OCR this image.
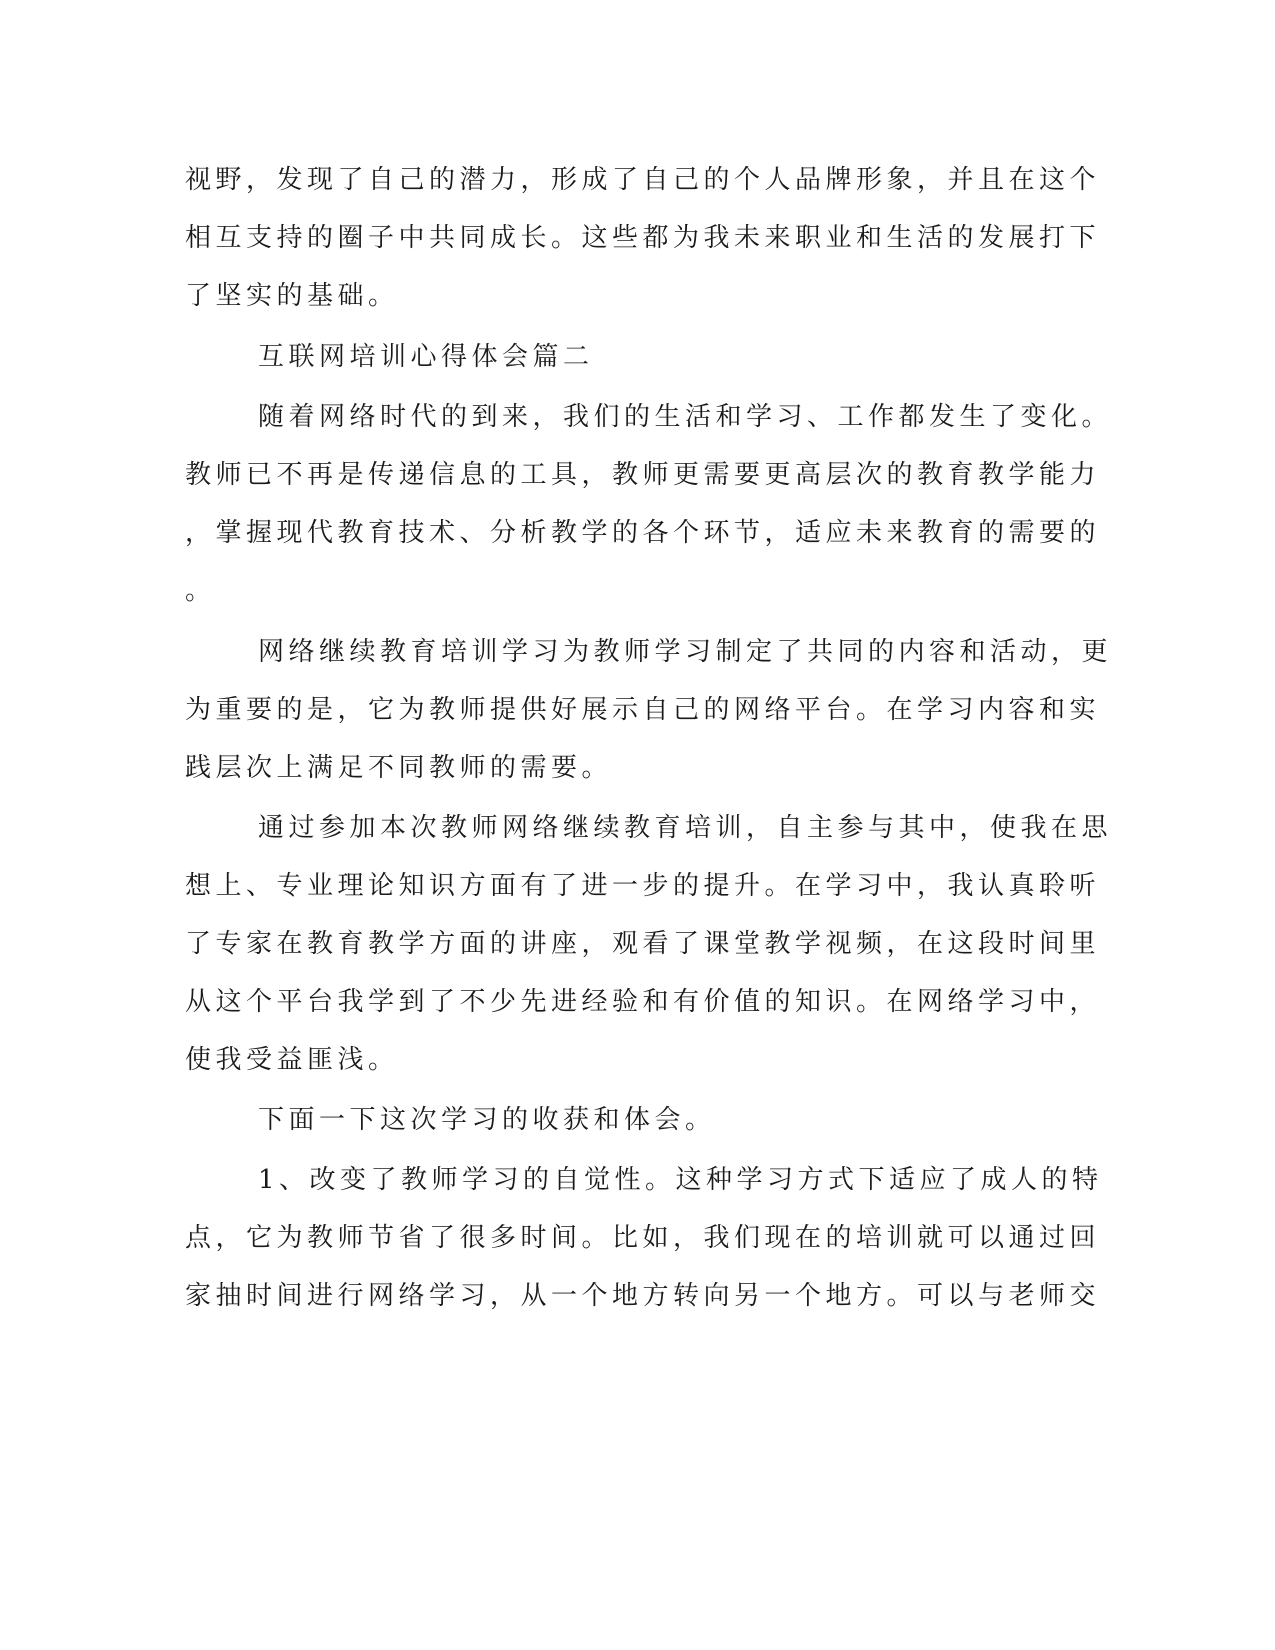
视野，发现了自己的潜力，形成了自己的个人品牌形象，并且在这个
相互支持的圈子中共同成长。这些都为我未来职业和生活的发展打下
了坚实的基础。
互联网培训心得体会篇二
随着网络时代的到来，我们的生活和学习、工作都发生了变化。
教师已不再是传递信息的工具，教师更需要更高层次的教育教学能力
，掌握现代教育技术、分析教学的各个环节，适应未来教育的需要的
。
网络继续教育培训学习为教师学习制定了共同的内容和活动，更
为重要的是，它为教师提供好展示自己的网络平台。在学习内容和实
践层次上满足不同教师的需要。
通过参加本次教师网络继续教育培训，自主参与其中，使我在思
想上、专业理论知识方面有了进一步的提升。在学习中，我认真聆听
了专家在教育教学方面的讲座，观看了课堂教学视频，在这段时间里
从这个平台我学到了不少先进经验和有价值的知识。在网络学习中，
使我受益匪浅。
下面一下这次学习的收获和体会。
1、改变了教师学习的自觉性。这种学习方式下适应了成人的特
点，它为教师节省了很多时间。比如，我们现在的培训就可以通过回
家抽时间进行网络学习，从一个地方转向另一个地方。可以与老师交
